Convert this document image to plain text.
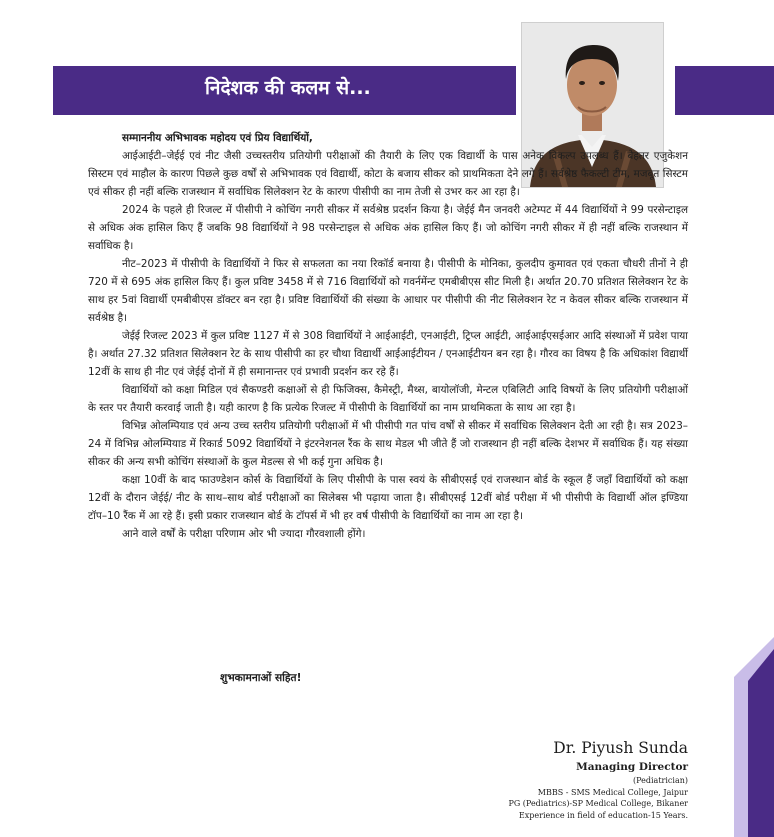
निदेशक की कलम से...
सम्माननीय अभिभावक महोदय एवं प्रिय विद्यार्थियों,

आईआईटी–जेईई एवं नीट जैसी उच्चस्तरीय प्रतियोगी परीक्षाओं की तैयारी के लिए एक विद्यार्थी के पास अनेक विकल्प उपलब्ध हैं। बेहतर एजुकेशन सिस्टम एवं माहौल के कारण पिछले कुछ वर्षों से अभिभावक एवं विद्यार्थी, कोटा के बजाय सीकर को प्राथमिकता देने लगे हैं। सर्वश्रेष्ठ फैकल्टी टीम, मजबूत सिस्टम एवं सीकर ही नहीं बल्कि राजस्थान में सर्वाधिक सिलेक्शन रेट के कारण पीसीपी का नाम तेजी से उभर कर आ रहा है।

2024 के पहले ही रिजल्ट में पीसीपी ने कोचिंग नगरी सीकर में सर्वश्रेष्ठ प्रदर्शन किया है। जेईई मैन जनवरी अटेम्पट में 44 विद्यार्थियों ने 99 परसेन्टाइल से अधिक अंक हासिल किए हैं जबकि 98 विद्यार्थियों ने 98 परसेन्टाइल से अधिक अंक हासिल किए हैं। जो कोचिंग नगरी सीकर में ही नहीं बल्कि राजस्थान में सर्वाधिक है।

नीट–2023 में पीसीपी के विद्यार्थियों ने फिर से सफलता का नया रिकॉर्ड बनाया है। पीसीपी के मोनिका, कुलदीप कुमावत एवं एकता चौधरी तीनों ने ही 720 में से 695 अंक हासिल किए हैं। कुल प्रविष्ट 3458 में से 716 विद्यार्थियों को गवर्नमेंन्ट एमबीबीएस सीट मिली है। अर्थात 20.70 प्रतिशत सिलेक्शन रेट के साथ हर 5वां विद्यार्थी एमबीबीएस डॉक्टर बन रहा है। प्रविष्ट विद्यार्थियों की संख्या के आधार पर पीसीपी की नीट सिलेक्शन रेट न केवल सीकर बल्कि राजस्थान में सर्वश्रेष्ठ है।

जेईई रिजल्ट 2023 में कुल प्रविष्ट 1127 में से 308 विद्यार्थियों ने आईआईटी, एनआईटी, ट्रिप्ल आईटी, आईआईएसईआर आदि संस्थाओं में प्रवेश पाया है। अर्थात 27.32 प्रतिशत सिलेक्शन रेट के साथ पीसीपी का हर चौथा विद्यार्थी आईआईटीयन / एनआईटीयन बन रहा है। गौरव का विषय है कि अधिकांश विद्यार्थी 12वीं के साथ ही नीट एवं जेईई दोनों में ही समानान्तर एवं प्रभावी प्रदर्शन कर रहे हैं।

विद्यार्थियों को कक्षा मिडिल एवं सैकण्डरी कक्षाओं से ही फिजिक्स, कैमेस्ट्री, मैथ्स, बायोलॉजी, मेन्टल एबिलिटी आदि विषयों के लिए प्रतियोगी परीक्षाओं के स्तर पर तैयारी करवाई जाती है। यही कारण है कि प्रत्येक रिजल्ट में पीसीपी के विद्यार्थियों का नाम प्राथमिकता के साथ आ रहा है।

विभिन्न ओलम्पियाड एवं अन्य उच्च स्तरीय प्रतियोगी परीक्षाओं में भी पीसीपी गत पांच वर्षों से सीकर में सर्वाधिक सिलेक्शन देती आ रही है। सत्र 2023–24 में विभिन्न ओलम्पियाड में रिकार्ड 5092 विद्यार्थियों ने इंटरनेशनल रैंक के साथ मेडल भी जीते हैं जो राजस्थान ही नहीं बल्कि देशभर में सर्वाधिक हैं। यह संख्या सीकर की अन्य सभी कोचिंग संस्थाओं के कुल मेडल्स से भी कई गुना अधिक है।

कक्षा 10वीं के बाद फाउण्डेशन कोर्स के विद्यार्थियों के लिए पीसीपी के पास स्वयं के सीबीएसई एवं राजस्थान बोर्ड के स्कूल हैं जहाँ विद्यार्थियों को कक्षा 12वीं के दौरान जेईई/ नीट के साथ–साथ बोर्ड परीक्षाओं का सिलेबस भी पढ़ाया जाता है। सीबीएसई 12वीं बोर्ड परीक्षा में भी पीसीपी के विद्यार्थी ऑल इण्डिया टॉप–10 रैंक में आ रहे हैं। इसी प्रकार राजस्थान बोर्ड के टॉपर्स में भी हर वर्ष पीसीपी के विद्यार्थियों का नाम आ रहा है।

आने वाले वर्षों के परीक्षा परिणाम ओर भी ज्यादा गौरवशाली होंगे।

शुभकामनाओं सहित!
Dr. Piyush Sunda
Managing Director
(Pediatrician)
MBBS - SMS Medical College, Jaipur
PG (Pediatrics)-SP Medical College, Bikaner
Experience in field of education-15 Years.
